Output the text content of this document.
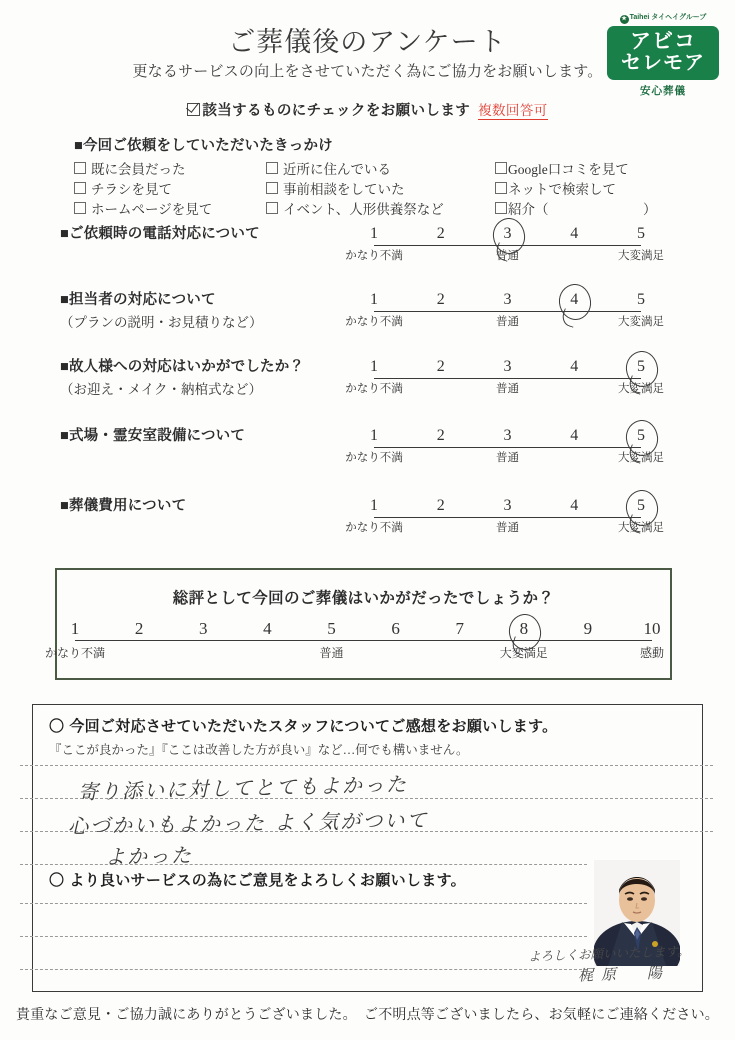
ご葬儀後のアンケート
更なるサービスの向上をさせていただく為にご協力をお願いします。
該当するものにチェックをお願いします 複数回答可
★ Taihei タイヘイグループ
アビコ
セレモア
安心葬儀
■今回ご依頼をしていただいたきっかけ
既に会員だった
チラシを見て
ホームページを見て
近所に住んでいる
事前相談をしていた
イベント、人形供養祭など
Google口コミを見て
ネットで検索して
紹介（　　　　　　　）
■ご依頼時の電話対応について	1
かなり不満
2	3
普通
4	5
大変満足
■担当者の対応について
（プランの説明・お見積りなど）
1
かなり不満
2	3
普通
4	5
大変満足
■故人様への対応はいかがでしたか？
（お迎え・メイク・納棺式など）
1
かなり不満
2	3
普通
4	5
大変満足
■式場・霊安室設備について	1
かなり不満
2	3
普通
4	5
大変満足
■葬儀費用について	1
かなり不満
2	3
普通
4	5
大変満足
総評として今回のご葬儀はいかがだったでしょうか？
1
かなり不満
2	3	4	5
普通
6	7	8
大変満足
9	10
感動
〇 今回ご対応させていただいたスタッフについてご感想をお願いします。
『ここが良かった』『ここは改善した方が良い』など…何でも構いません。
〇 より良いサービスの為にご意見をよろしくお願いします。
寄り添いに対してとてもよかった
心づかいもよかった よく気がついて
よかった
よろしくお願いいたします。
梶原　陽
貴重なご意見・ご協力誠にありがとうございました。　ご不明点等ございましたら、お気軽にご連絡ください。
